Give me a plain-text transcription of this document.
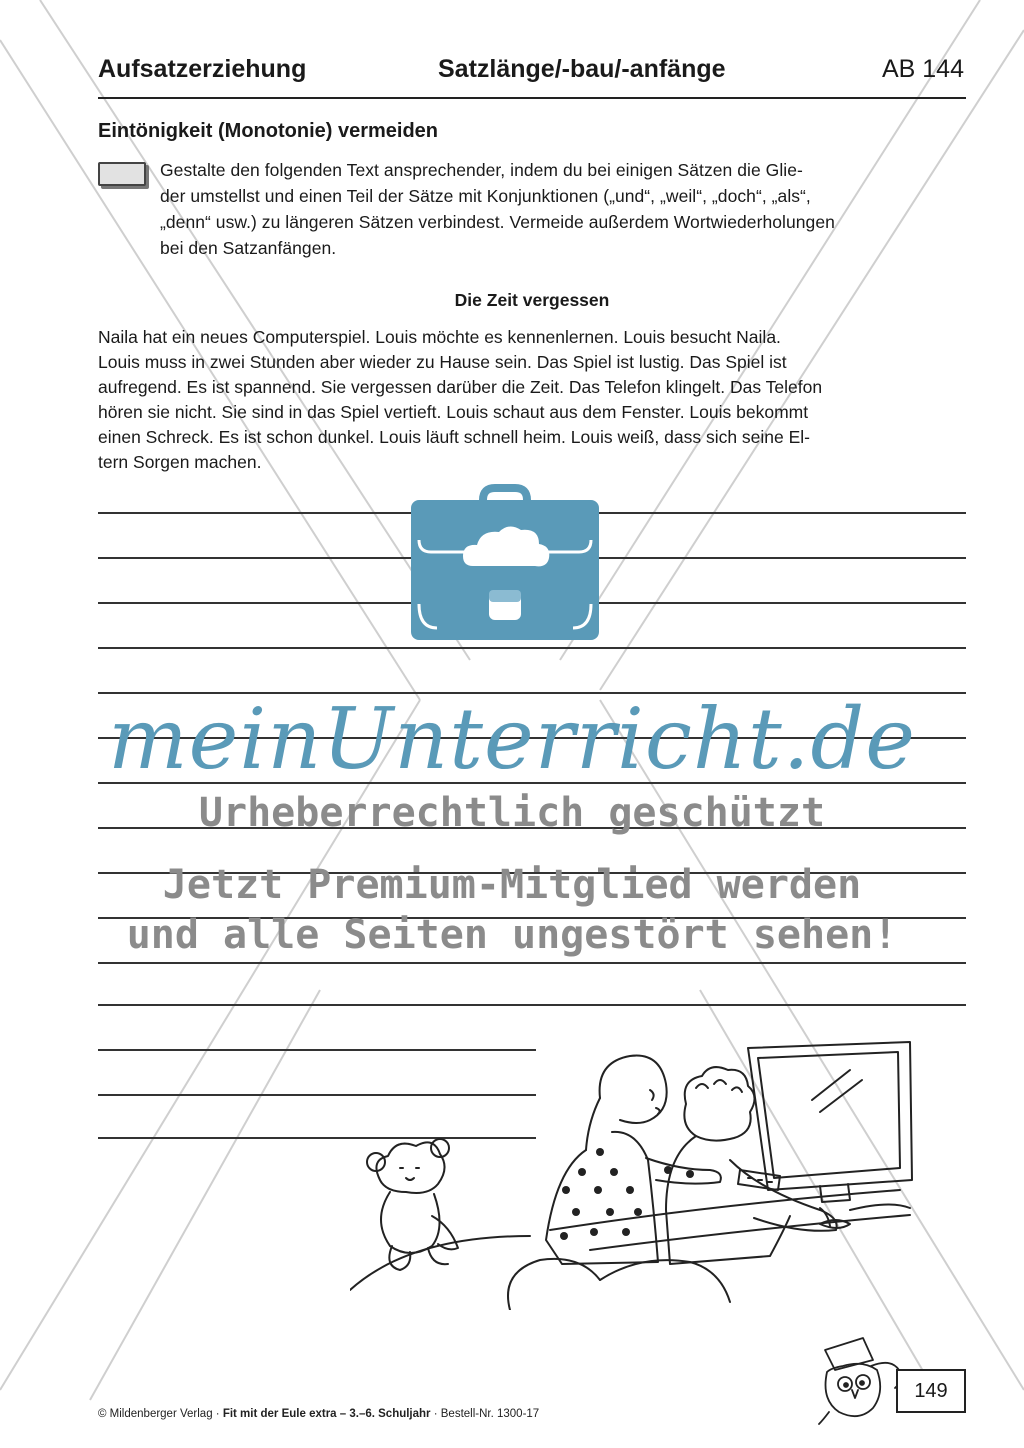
Aufsatzerziehung	Satzlänge/-bau/-anfänge	AB 144
Eintönigkeit (Monotonie) vermeiden
Gestalte den folgenden Text ansprechender, indem du bei einigen Sätzen die Glie-
der umstellst und einen Teil der Sätze mit Konjunktionen („und“, „weil“, „doch“, „als“,
„denn“ usw.) zu längeren Sätzen verbindest. Vermeide außerdem Wortwiederholungen
bei den Satzanfängen.
Die Zeit vergessen
Naila hat ein neues Computerspiel. Louis möchte es kennenlernen. Louis besucht Naila.
Louis muss in zwei Stunden aber wieder zu Hause sein. Das Spiel ist lustig. Das Spiel ist
aufregend. Es ist spannend. Sie vergessen darüber die Zeit. Das Telefon klingelt. Das Telefon
hören sie nicht. Sie sind in das Spiel vertieft. Louis schaut aus dem Fenster. Louis bekommt
einen Schreck. Es ist schon dunkel. Louis läuft schnell heim. Louis weiß, dass sich seine El-
tern Sorgen machen.
meinUnterricht.de
Urheberrechtlich geschützt
Jetzt Premium-Mitglied werden
und alle Seiten ungestört sehen!
149
© Mildenberger Verlag · Fit mit der Eule extra – 3.–6. Schuljahr · Bestell-Nr. 1300-17
